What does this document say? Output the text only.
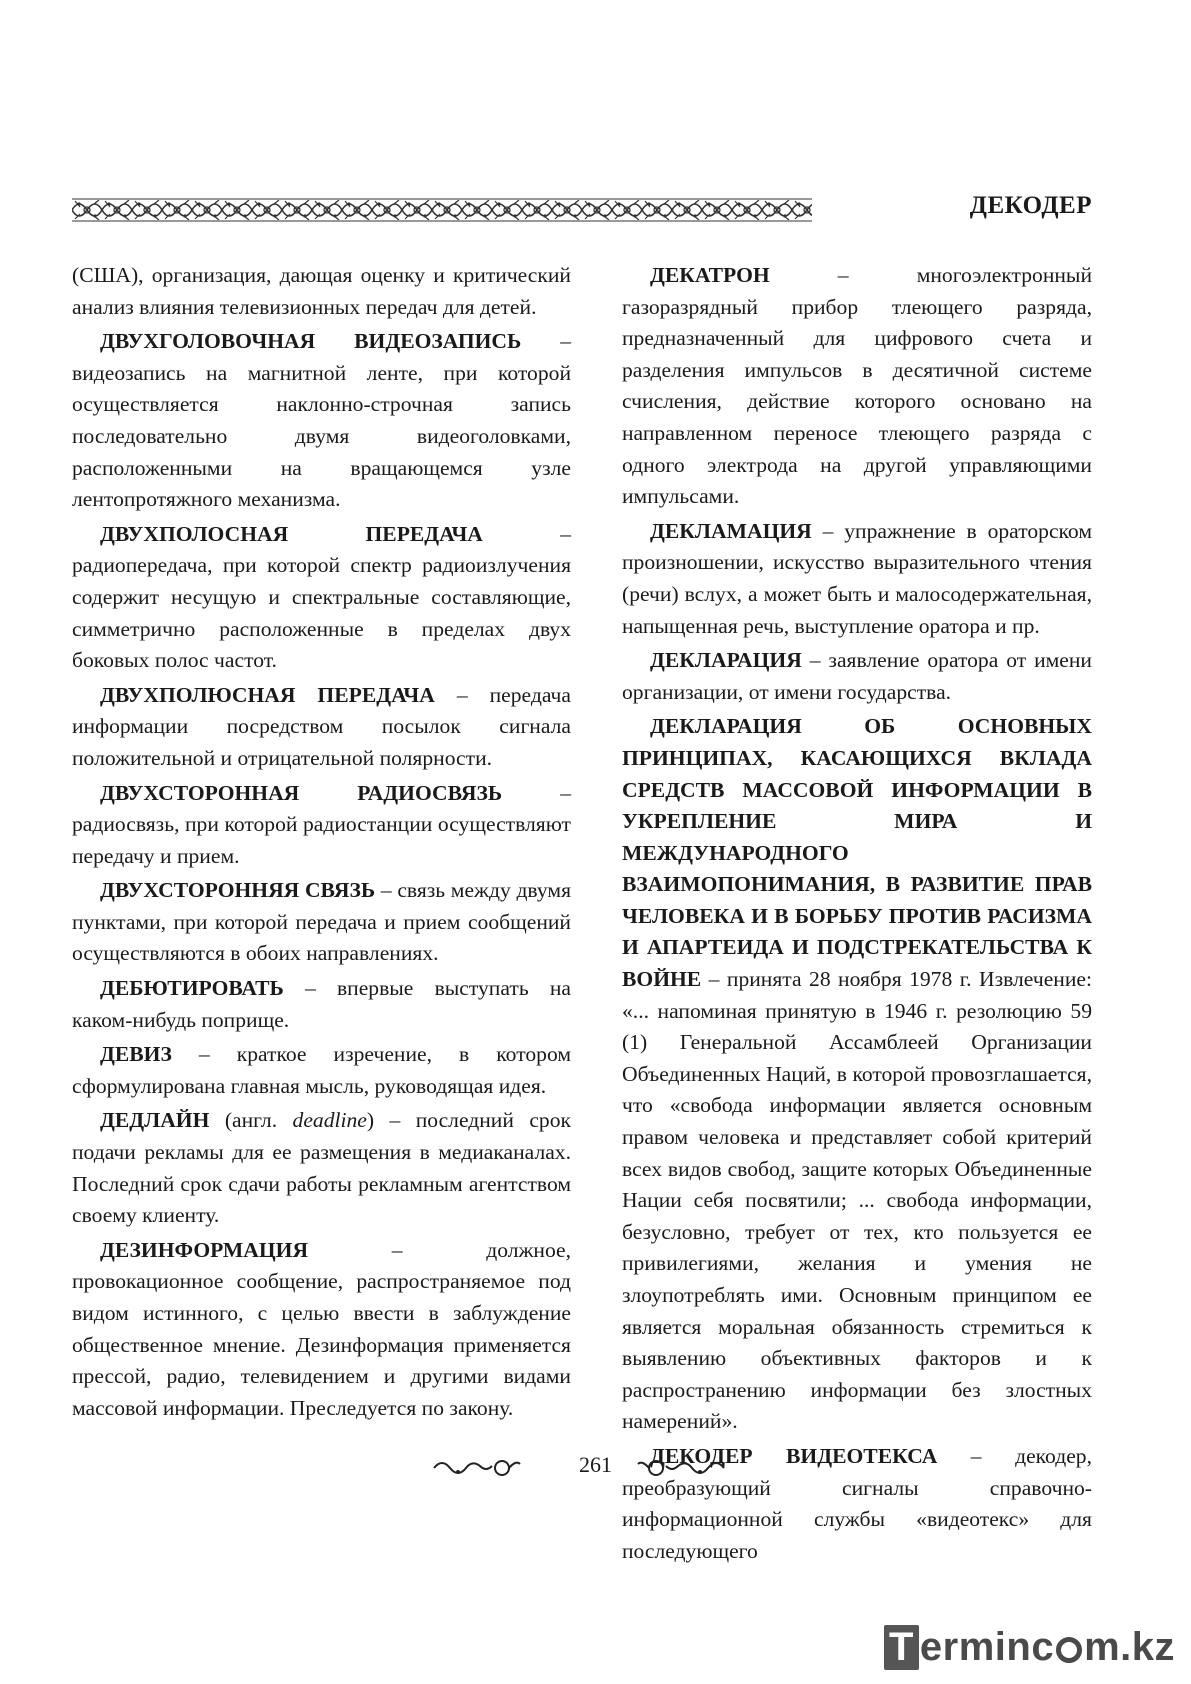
ДЕКОДЕР

(США), организация, дающая оценку и критический анализ влияния телевизионных передач для детей.

ДВУХГОЛОВОЧНАЯ ВИДЕОЗАПИСЬ – видеозапись на магнитной ленте, при которой осуществляется наклонно-строчная запись последовательно двумя видеоголовками, расположенными на вращающемся узле лентопротяжного механизма.

ДВУХПОЛОСНАЯ ПЕРЕДАЧА – радиопередача, при которой спектр радиоизлучения содержит несущую и спектральные составляющие, симметрично расположенные в пределах двух боковых полос частот.

ДВУХПОЛЮСНАЯ ПЕРЕДАЧА – передача информации посредством посылок сигнала положительной и отрицательной полярности.

ДВУХСТОРОННАЯ РАДИОСВЯЗЬ – радиосвязь, при которой радиостанции осуществляют передачу и прием.

ДВУХСТОРОННЯЯ СВЯЗЬ – связь между двумя пунктами, при которой передача и прием сообщений осуществляются в обоих направлениях.

ДЕБЮТИРОВАТЬ – впервые выступать на каком-нибудь поприще.

ДЕВИЗ – краткое изречение, в котором сформулирована главная мысль, руководящая идея.

ДЕДЛАЙН (англ. deadline) – последний срок подачи рекламы для ее размещения в медиаканалах. Последний срок сдачи работы рекламным агентством своему клиенту.

ДЕЗИНФОРМАЦИЯ – должное, провокационное сообщение, распространяемое под видом истинного, с целью ввести в заблуждение общественное мнение. Дезинформация применяется прессой, радио, телевидением и другими видами массовой информации. Преследуется по закону.

ДЕКАТРОН – многоэлектронный газоразрядный прибор тлеющего разряда, предназначенный для цифрового счета и разделения импульсов в десятичной системе счисления, действие которого основано на направленном переносе тлеющего разряда с одного электрода на другой управляющими импульсами.

ДЕКЛАМАЦИЯ – упражнение в ораторском произношении, искусство выразительного чтения (речи) вслух, а может быть и малосодержательная, напыщенная речь, выступление оратора и пр.

ДЕКЛАРАЦИЯ – заявление оратора от имени организации, от имени государства.

ДЕКЛАРАЦИЯ ОБ ОСНОВНЫХ ПРИНЦИПАХ, КАСАЮЩИХСЯ ВКЛАДА СРЕДСТВ МАССОВОЙ ИНФОРМАЦИИ В УКРЕПЛЕНИЕ МИРА И МЕЖДУНАРОДНОГО ВЗАИМОПОНИМАНИЯ, В РАЗВИТИЕ ПРАВ ЧЕЛОВЕКА И В БОРЬБУ ПРОТИВ РАСИЗМА И АПАРТЕИДА И ПОДСТРЕКАТЕЛЬСТВА К ВОЙНЕ – принята 28 ноября 1978 г. Извлечение: «... напоминая принятую в 1946 г. резолюцию 59 (1) Генеральной Ассамблеей Организации Объединенных Наций, в которой провозглашается, что «свобода информации является основным правом человека и представляет собой критерий всех видов свобод, защите которых Объединенные Нации себя посвятили; ... свобода информации, безусловно, требует от тех, кто пользуется ее привилегиями, желания и умения не злоупотреблять ими. Основным принципом ее является моральная обязанность стремиться к выявлению объективных факторов и к распространению информации без злостных намерений».

ДЕКОДЕР ВИДЕОТЕКСА – декодер, преобразующий сигналы справочно-информационной службы «видеотекс» для последующего

261
T erminc m.kz
